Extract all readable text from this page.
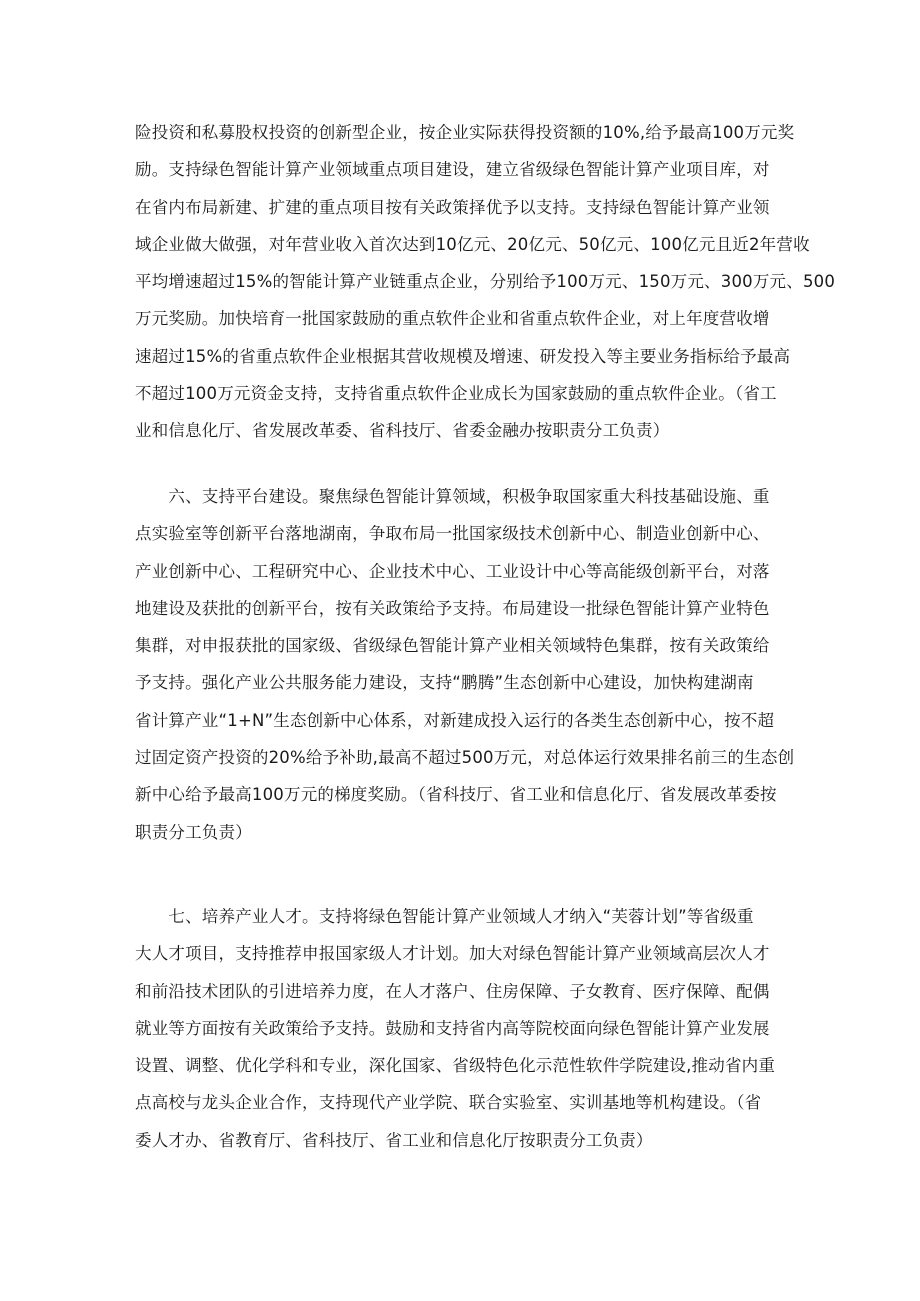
险投资和私募股权投资的创新型企业，按企业实际获得投资额的10%,给予最高100万元奖
励。支持绿色智能计算产业领域重点项目建设，建立省级绿色智能计算产业项目库，对
在省内布局新建、扩建的重点项目按有关政策择优予以支持。支持绿色智能计算产业领
域企业做大做强，对年营业收入首次达到10亿元、20亿元、50亿元、100亿元且近2年营收
平均增速超过15%的智能计算产业链重点企业，分别给予100万元、150万元、300万元、500
万元奖励。加快培育一批国家鼓励的重点软件企业和省重点软件企业，对上年度营收增
速超过15%的省重点软件企业根据其营收规模及增速、研发投入等主要业务指标给予最高
不超过100万元资金支持，支持省重点软件企业成长为国家鼓励的重点软件企业。（省工
业和信息化厅、省发展改革委、省科技厅、省委金融办按职责分工负责）
　　六、支持平台建设。聚焦绿色智能计算领域，积极争取国家重大科技基础设施、重
点实验室等创新平台落地湖南，争取布局一批国家级技术创新中心、制造业创新中心、
产业创新中心、工程研究中心、企业技术中心、工业设计中心等高能级创新平台，对落
地建设及获批的创新平台，按有关政策给予支持。布局建设一批绿色智能计算产业特色
集群，对申报获批的国家级、省级绿色智能计算产业相关领域特色集群，按有关政策给
予支持。强化产业公共服务能力建设，支持“鹏腾”生态创新中心建设，加快构建湖南
省计算产业“1+N”生态创新中心体系，对新建成投入运行的各类生态创新中心，按不超
过固定资产投资的20%给予补助,最高不超过500万元，对总体运行效果排名前三的生态创
新中心给予最高100万元的梯度奖励。（省科技厅、省工业和信息化厅、省发展改革委按
职责分工负责）
　　七、培养产业人才。支持将绿色智能计算产业领域人才纳入“芙蓉计划”等省级重
大人才项目，支持推荐申报国家级人才计划。加大对绿色智能计算产业领域高层次人才
和前沿技术团队的引进培养力度，在人才落户、住房保障、子女教育、医疗保障、配偶
就业等方面按有关政策给予支持。鼓励和支持省内高等院校面向绿色智能计算产业发展
设置、调整、优化学科和专业，深化国家、省级特色化示范性软件学院建设,推动省内重
点高校与龙头企业合作，支持现代产业学院、联合实验室、实训基地等机构建设。（省
委人才办、省教育厅、省科技厅、省工业和信息化厅按职责分工负责）
